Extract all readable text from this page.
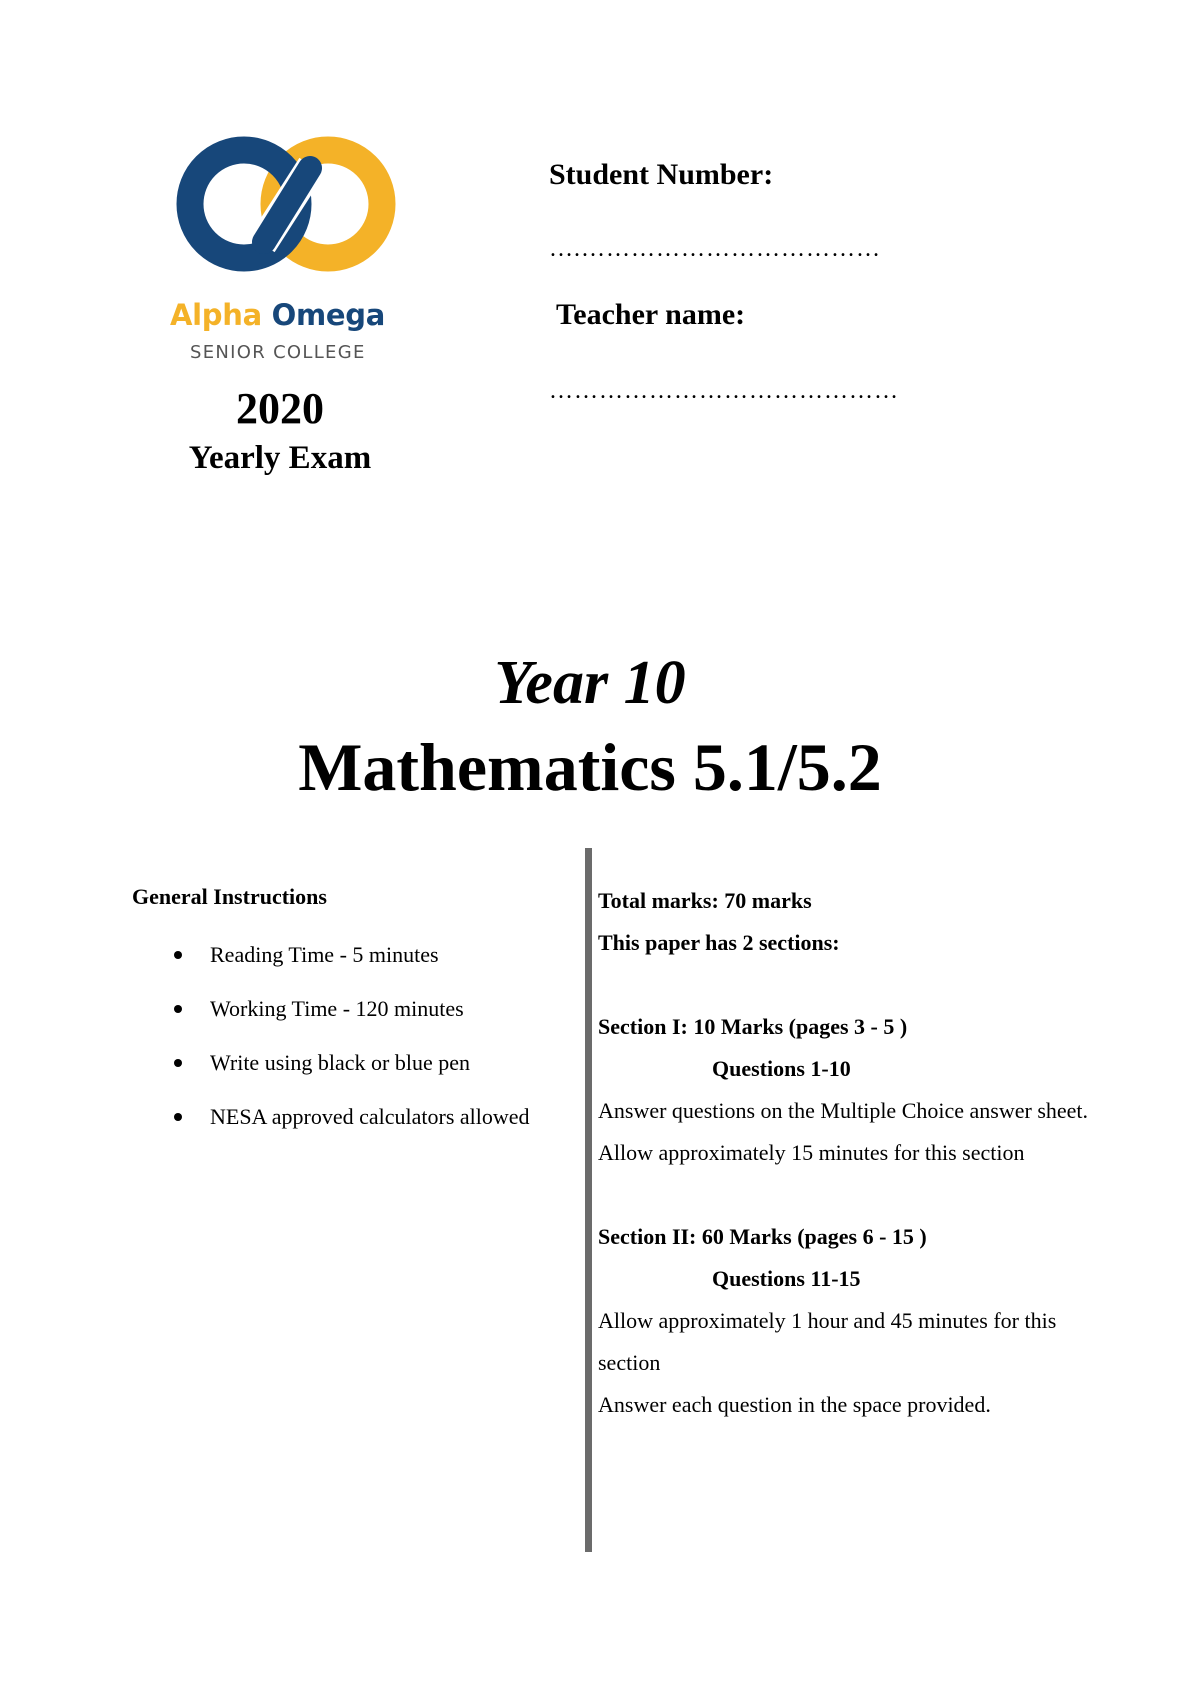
Alpha Omega
SENIOR COLLEGE
2020
Yearly Exam
Student Number:
….………………………………
Teacher name:
……………………………………
Year 10
Mathematics 5.1/5.2
General Instructions
Reading Time - 5 minutes
Working Time - 120 minutes
Write using black or blue pen
NESA approved calculators allowed
Total marks: 70 marks
This paper has 2 sections:
Section I: 10 Marks (pages 3 - 5 )
Questions 1-10
Answer questions on the Multiple Choice answer sheet.
Allow approximately 15 minutes for this section
Section II: 60 Marks (pages 6 - 15 )
Questions 11-15
Allow approximately 1 hour and 45 minutes for this section
Answer each question in the space provided.
